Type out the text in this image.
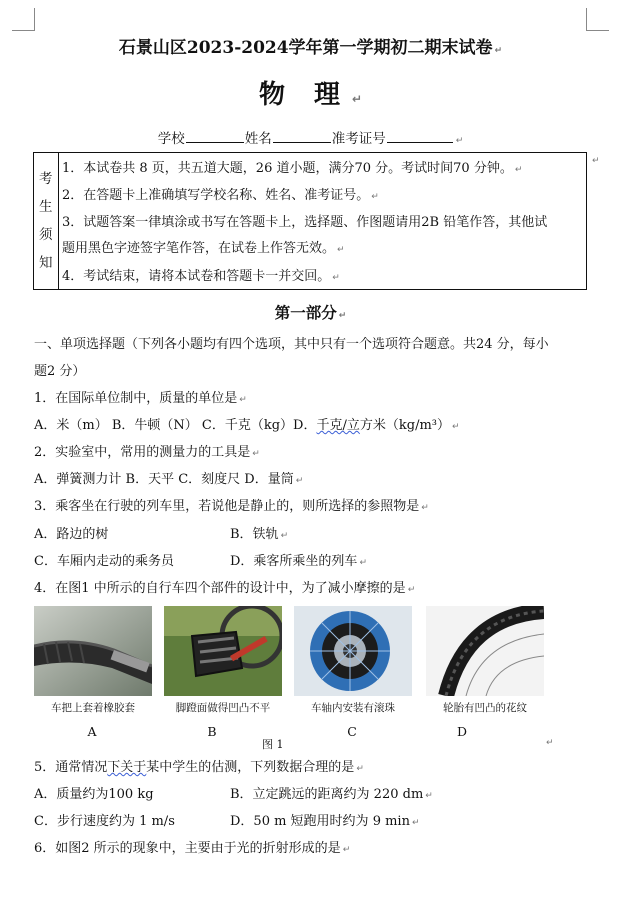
石景山区2023-2024学年第一学期初二期末试卷 ↵
物 理 ↵
学校	姓名	准考证号	↵
考
生
须
知
1．本试卷共 8 页，共五道大题，26 道小题，满分70 分。考试时间70 分钟。 ↵
2．在答题卡上准确填写学校名称、姓名、准考证号。 ↵
3．试题答案一律填涂或书写在答题卡上，选择题、作图题请用2B 铅笔作答，其他试
题用黑色字迹签字笔作答，在试卷上作答无效。 ↵
4．考试结束，请将本试卷和答题卡一并交回。 ↵
↵
第一部分 ↵
一、单项选择题（下列各小题均有四个选项，其中只有一个选项符合题意。共24 分，每小
题2 分）
1．在国际单位制中，质量的单位是 ↵
A．米（m） B．牛顿（N） C．千克（kg）D．千克/立方米（kg/m³） ↵
2．实验室中，常用的测量力的工具是 ↵
A．弹簧测力计 B．天平 C．刻度尺 D．量筒 ↵
3．乘客坐在行驶的列车里，若说他是静止的，则所选择的参照物是 ↵
A．路边的树	B．铁轨 ↵
C．车厢内走动的乘务员	D．乘客所乘坐的列车 ↵
4．在图1 中所示的自行车四个部件的设计中，为了减小摩擦的是 ↵
车把上套着橡胶套	脚蹬面做得凹凸不平	车轴内安装有滚珠	轮胎有凹凸的花纹
A	B	C	D
图 1	↵
5．通常情况下关于某中学生的估测，下列数据合理的是 ↵
A．质量约为100 kg	B．立定跳远的距离约为 220 dm ↵
C．步行速度约为 1 m/s	D．50 m 短跑用时约为 9 min ↵
6．如图2 所示的现象中，主要由于光的折射形成的是 ↵
